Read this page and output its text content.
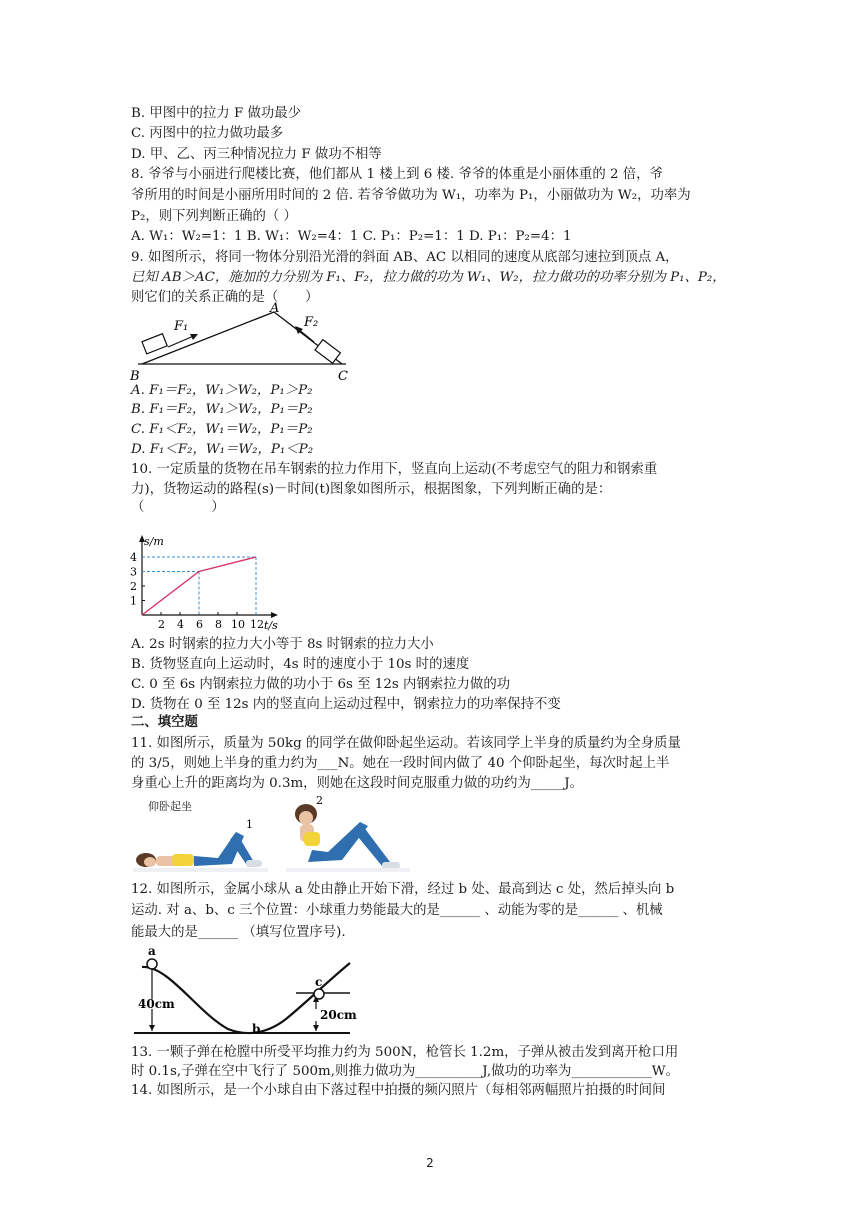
B. 甲图中的拉力 F 做功最少
C. 丙图中的拉力做功最多
D. 甲、乙、丙三种情况拉力 F 做功不相等
8. 爷爷与小丽进行爬楼比赛，他们都从 1 楼上到 6 楼. 爷爷的体重是小丽体重的 2 倍，爷
爷所用的时间是小丽所用时间的 2 倍. 若爷爷做功为 W₁，功率为 P₁，小丽做功为 W₂，功率为
P₂，则下列判断正确的（ ）
A. W₁：W₂=1：1 B. W₁：W₂=4：1 C. P₁：P₂=1：1 D. P₁：P₂=4：1
9. 如图所示，将同一物体分别沿光滑的斜面 AB、AC 以相同的速度从底部匀速拉到顶点 A，
已知 AB＞AC，施加的力分别为 F₁、F₂，拉力做的功为 W₁、W₂，拉力做功的功率分别为 P₁、P₂，
则它们的关系正确的是（　　）
A
B	C
F₁	F₂
A. F₁＝F₂，W₁＞W₂，P₁＞P₂
B. F₁＝F₂，W₁＞W₂，P₁＝P₂
C. F₁＜F₂，W₁＝W₂，P₁＝P₂
D. F₁＜F₂，W₁＝W₂，P₁＜P₂
10. 一定质量的货物在吊车钢索的拉力作用下，竖直向上运动(不考虑空气的阻力和钢索重
力)，货物运动的路程(s)－时间(t)图象如图所示，根据图象，下列判断正确的是：
（　　　　　）
s/m
t/s
2 4 6 8 10 12
1
2
3
4
A. 2s 时钢索的拉力大小等于 8s 时钢索的拉力大小
B. 货物竖直向上运动时，4s 时的速度小于 10s 时的速度
C. 0 至 6s 内钢索拉力做的功小于 6s 至 12s 内钢索拉力做的功
D. 货物在 0 至 12s 内的竖直向上运动过程中，钢索拉力的功率保持不变
二、填空题
11. 如图所示，质量为 50kg 的同学在做仰卧起坐运动。若该同学上半身的质量约为全身质量
的 3/5，则她上半身的重力约为___N。她在一段时间内做了 40 个仰卧起坐，每次时起上半
身重心上升的距离均为 0.3m，则她在这段时间克服重力做的功约为_____J。
仰卧起坐
1
2
12. 如图所示，金属小球从 a 处由静止开始下滑，经过 b 处、最高到达 c 处，然后掉头向 b
运动. 对 a、b、c 三个位置：小球重力势能最大的是______ 、动能为零的是______ 、机械
能最大的是______ （填写位置序号).
a
b
c
40cm
20cm
13. 一颗子弹在枪膛中所受平均推力约为 500N，枪管长 1.2m，子弹从被击发到离开枪口用
时 0.1s,子弹在空中飞行了 500m,则推力做功为__________J,做功的功率为____________W。
14. 如图所示，是一个小球自由下落过程中拍摄的频闪照片（每相邻两幅照片拍摄的时间间
2
